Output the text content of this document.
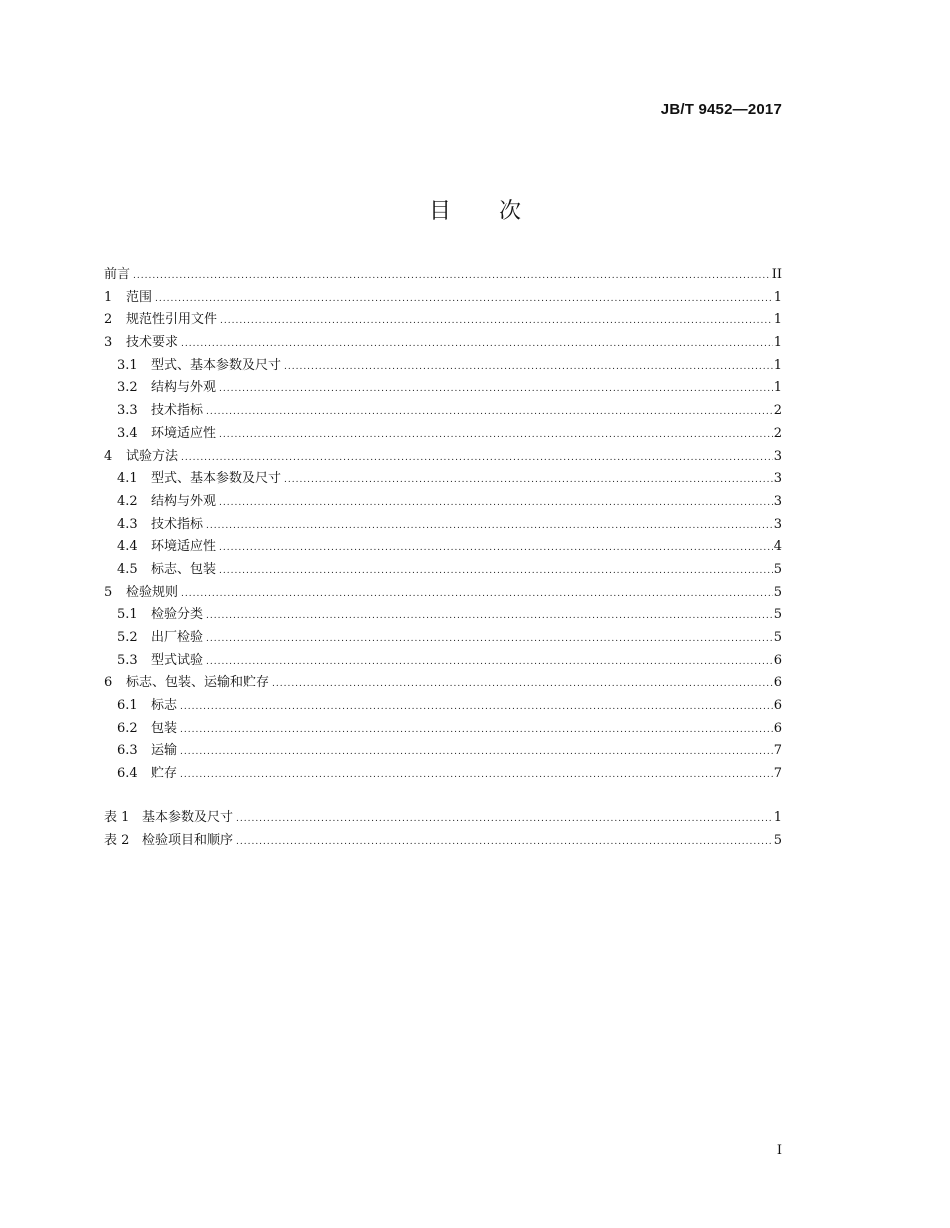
JB/T 9452—2017
目 次
前言 .....	II
1	范围 .....	1
2	规范性引用文件 .....	1
3	技术要求 .....	1
3.1	型式、基本参数及尺寸 .....	1
3.2	结构与外观 .....	1
3.3	技术指标 .....	2
3.4	环境适应性 .....	2
4	试验方法 .....	3
4.1	型式、基本参数及尺寸 .....	3
4.2	结构与外观 .....	3
4.3	技术指标 .....	3
4.4	环境适应性 .....	4
4.5	标志、包装 .....	5
5	检验规则 .....	5
5.1	检验分类 .....	5
5.2	出厂检验 .....	5
5.3	型式试验 .....	6
6	标志、包装、运输和贮存 .....	6
6.1	标志 .....	6
6.2	包装 .....	6
6.3	运输 .....	7
6.4	贮存 .....	7
表 1 基本参数及尺寸 .....	1
表 2 检验项目和顺序 .....	5
I
